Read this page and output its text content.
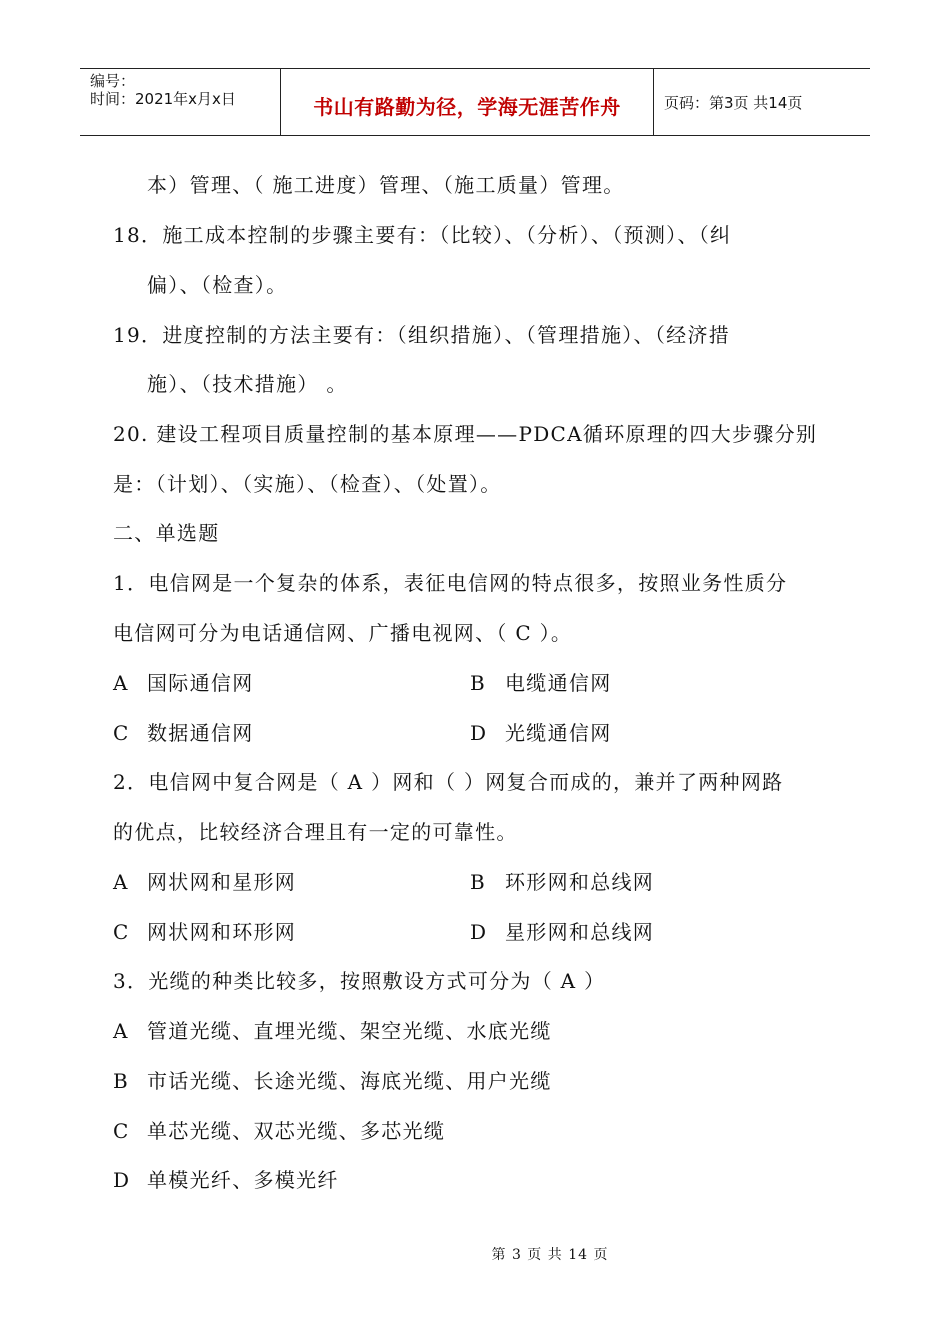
编号：
时间：2021年x月x日	书山有路勤为径，学海无涯苦作舟	页码：第3页 共14页
本）管理、（ 施工进度）管理、（施工质量）管理。
18．施工成本控制的步骤主要有：（比较）、（分析）、（预测）、（纠
偏）、（检查）。
19．进度控制的方法主要有：（组织措施）、（管理措施）、（经济措
施）、（技术措施） 。
20. 建设工程项目质量控制的基本原理——PDCA循环原理的四大步骤分别
是：（计划）、（实施）、（检查）、（处置）。
二、单选题
1．电信网是一个复杂的体系，表征电信网的特点很多，按照业务性质分
电信网可分为电话通信网、广播电视网、（ C ）。
A 国际通信网	B 电缆通信网
C 数据通信网	D 光缆通信网
2．电信网中复合网是（ A ）网和（ ）网复合而成的，兼并了两种网路
的优点，比较经济合理且有一定的可靠性。
A 网状网和星形网	B 环形网和总线网
C 网状网和环形网	D 星形网和总线网
3．光缆的种类比较多，按照敷设方式可分为（ A ）
A 管道光缆、直埋光缆、架空光缆、水底光缆
B 市话光缆、长途光缆、海底光缆、用户光缆
C 单芯光缆、双芯光缆、多芯光缆
D 单模光纤、多模光纤
第 3 页 共 14 页
